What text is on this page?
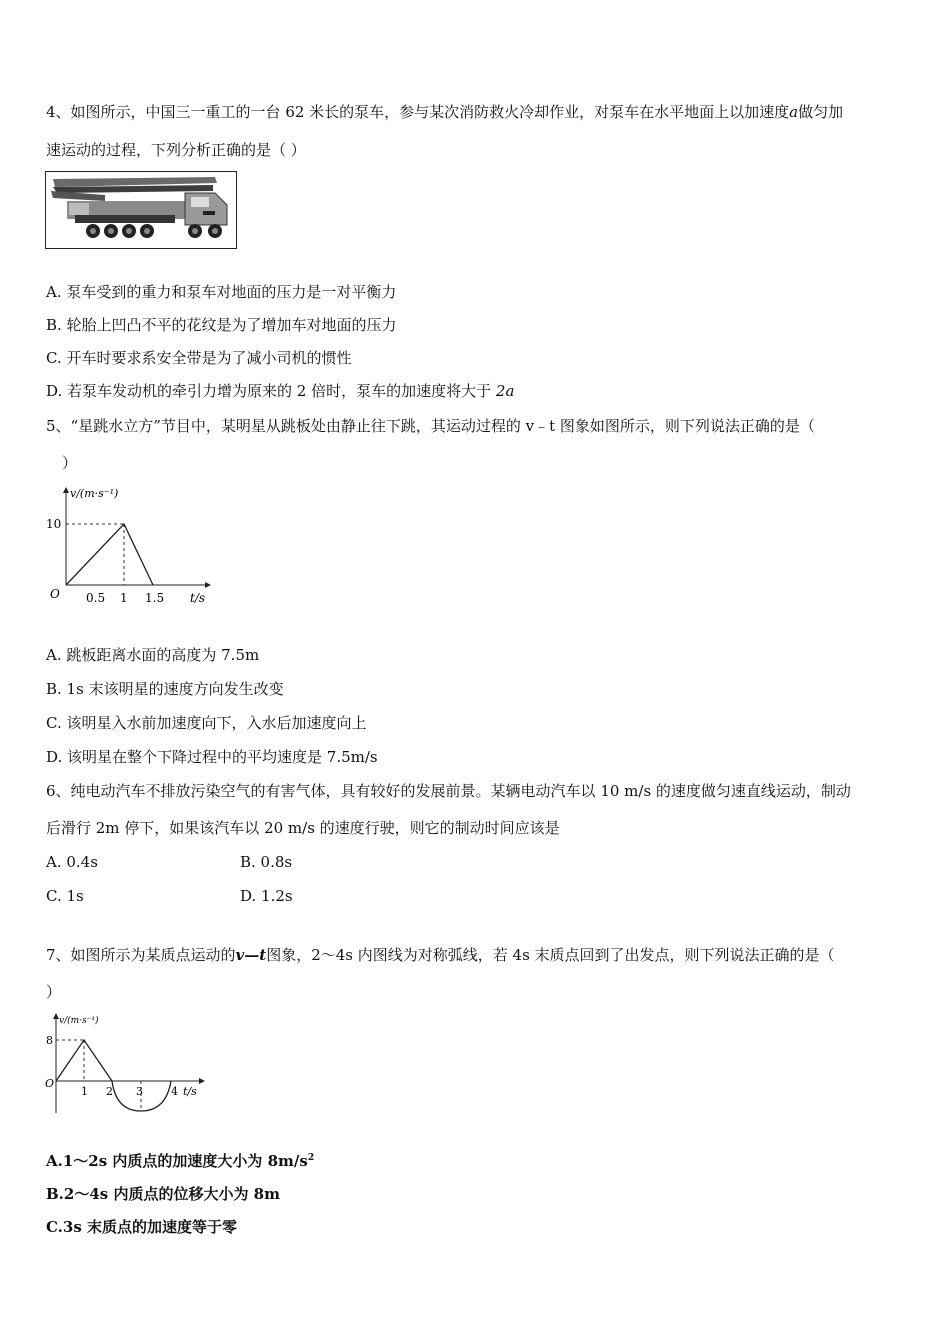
4、如图所示，中国三一重工的一台 62 米长的泵车，参与某次消防救火冷却作业，对泵车在水平地面上以加速度a做匀加
速运动的过程，下列分析正确的是（ ）
A. 泵车受到的重力和泵车对地面的压力是一对平衡力
B. 轮胎上凹凸不平的花纹是为了增加车对地面的压力
C. 开车时要求系安全带是为了减小司机的惯性
D. 若泵车发动机的牵引力增为原来的 2 倍时，泵车的加速度将大于 2a
5、“星跳水立方”节目中，某明星从跳板处由静止往下跳，其运动过程的 v﹣t 图象如图所示，则下列说法正确的是（
）
v/(m·s⁻¹)
10
O 0.5 1 1.5 t/s
A. 跳板距离水面的高度为 7.5m
B. 1s 末该明星的速度方向发生改变
C. 该明星入水前加速度向下，入水后加速度向上
D. 该明星在整个下降过程中的平均速度是 7.5m/s
6、纯电动汽车不排放污染空气的有害气体，具有较好的发展前景。某辆电动汽车以 10 m/s 的速度做匀速直线运动，制动
后滑行 2m 停下，如果该汽车以 20 m/s 的速度行驶，则它的制动时间应该是
A. 0.4s	B. 0.8s
C. 1s	D. 1.2s
7、如图所示为某质点运动的v—t图象，2～4s 内图线为对称弧线，若 4s 末质点回到了出发点，则下列说法正确的是（
）
v/(m·s⁻¹)
8
O
1 2 3	4 t/s
A.1～2s 内质点的加速度大小为 $8m/s^2$
B.2～4s 内质点的位移大小为 8m
C.3s 末质点的加速度等于零
